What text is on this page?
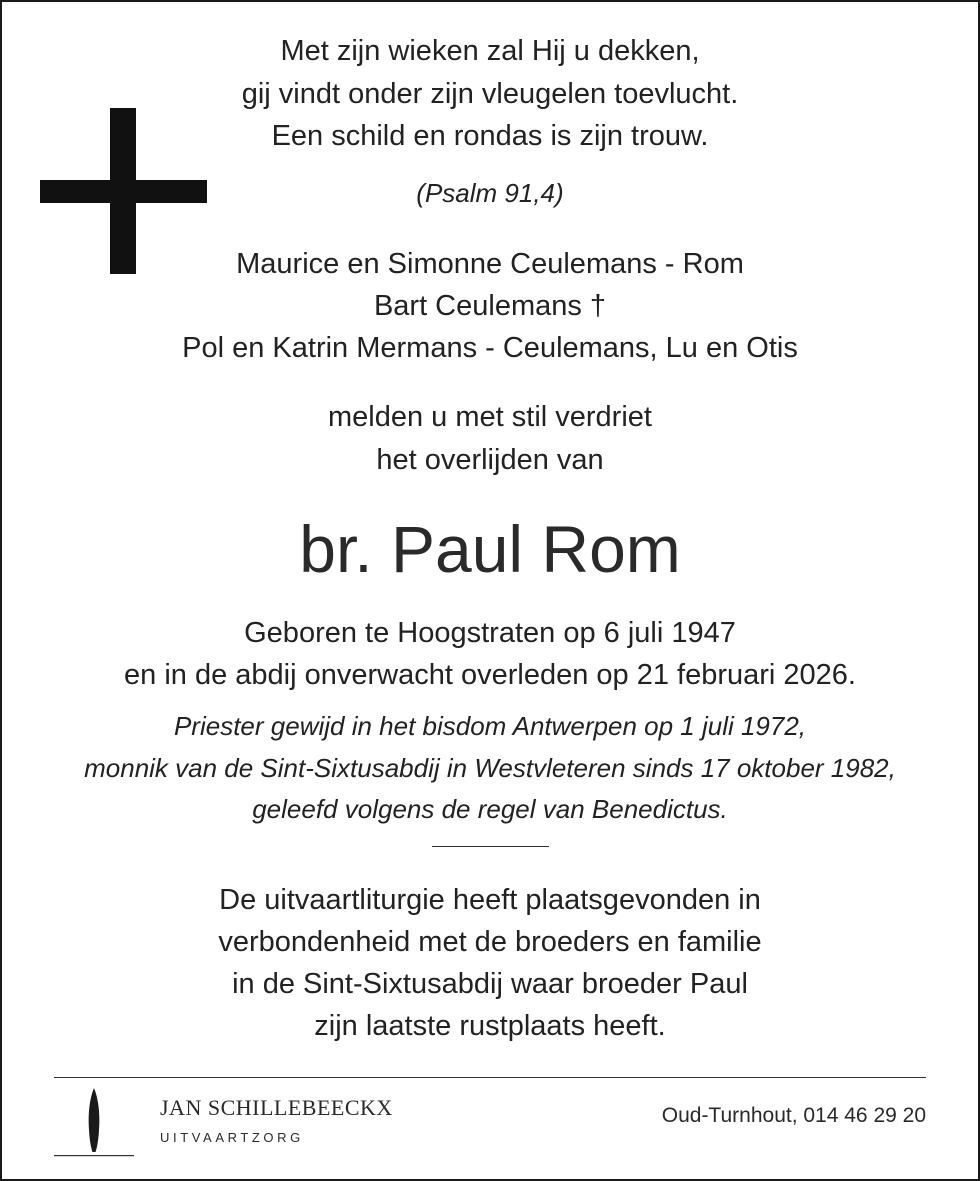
Met zijn wieken zal Hij u dekken,
gij vindt onder zijn vleugelen toevlucht.
Een schild en rondas is zijn trouw.
(Psalm 91,4)
Maurice en Simonne Ceulemans - Rom
Bart Ceulemans †
Pol en Katrin Mermans - Ceulemans, Lu en Otis
melden u met stil verdriet
het overlijden van
br. Paul Rom
Geboren te Hoogstraten op 6 juli 1947
en in de abdij onverwacht overleden op 21 februari 2026.
Priester gewijd in het bisdom Antwerpen op 1 juli 1972,
monnik van de Sint-Sixtusabdij in Westvleteren sinds 17 oktober 1982,
geleefd volgens de regel van Benedictus.
De uitvaartliturgie heeft plaatsgevonden in
verbondenheid met de broeders en familie
in de Sint-Sixtusabdij waar broeder Paul
zijn laatste rustplaats heeft.
JAN SCHILLEBEECKX
UITVAARTZORG
Oud-Turnhout, 014 46 29 20
